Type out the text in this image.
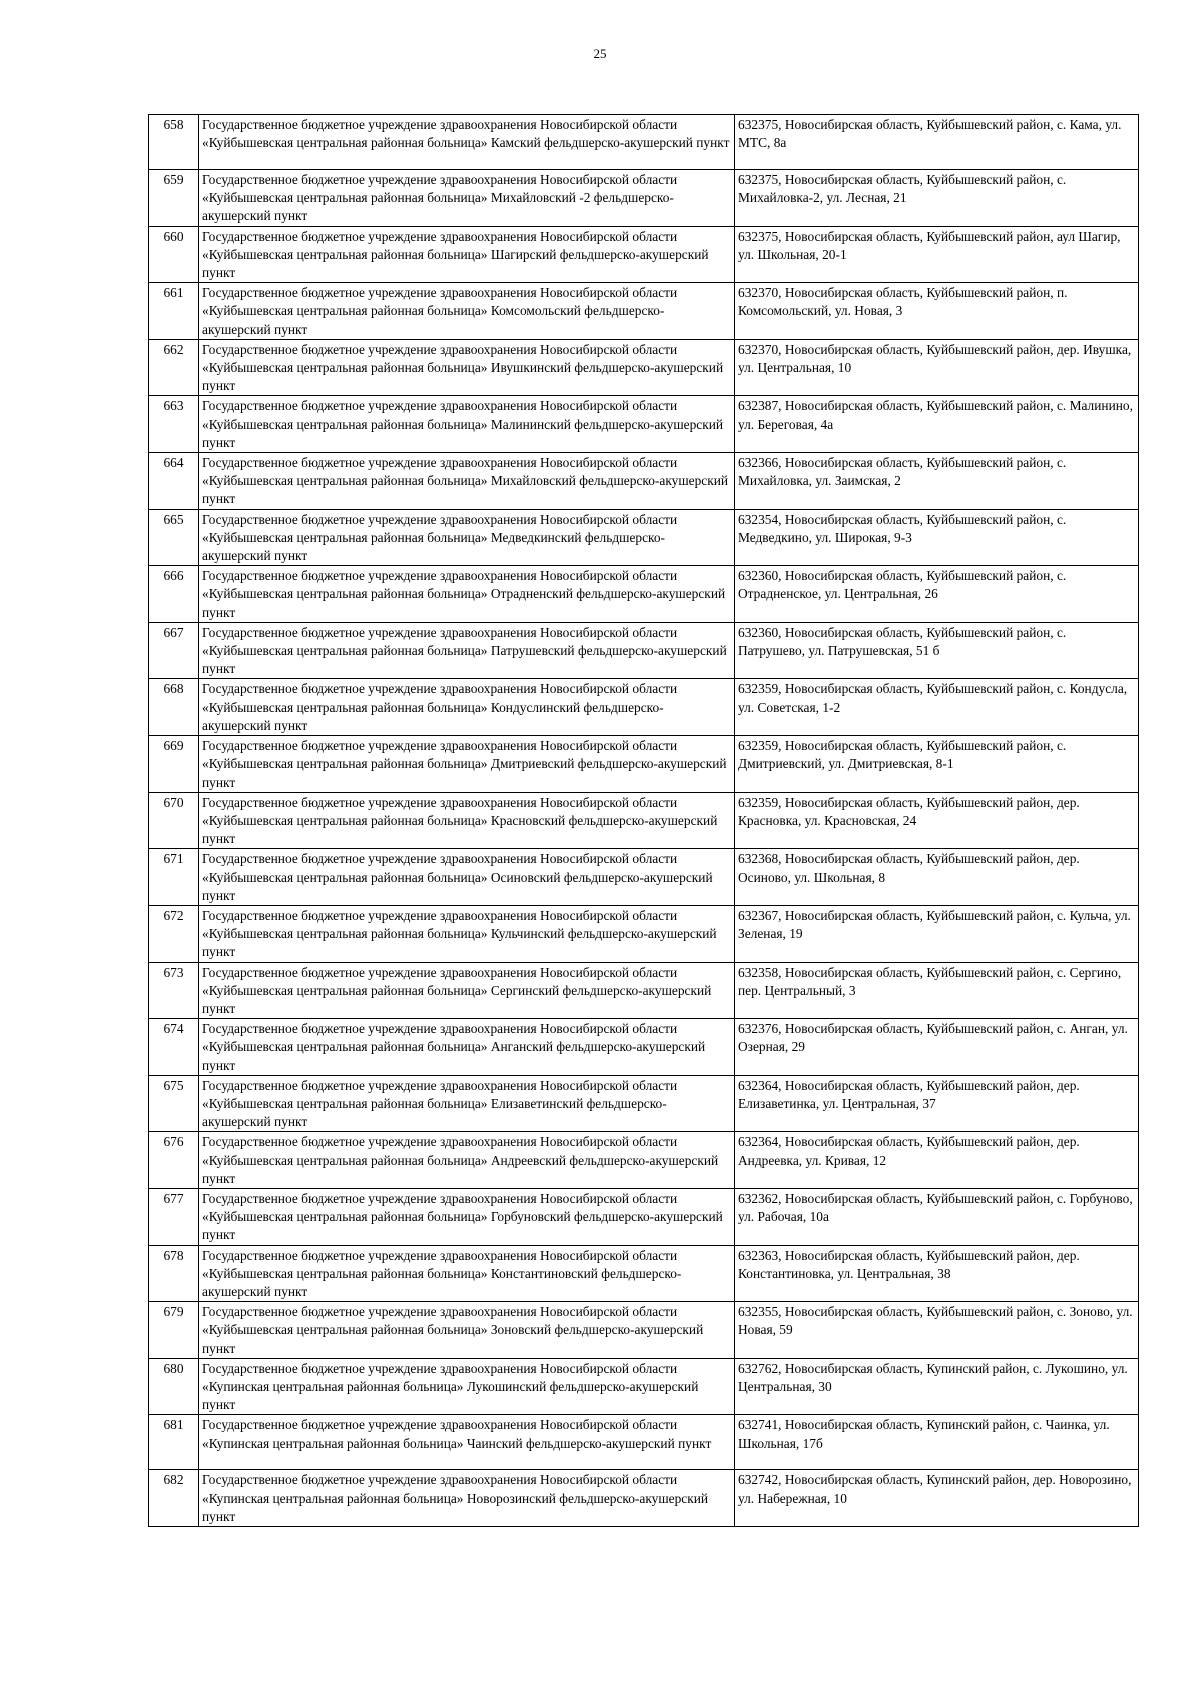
25
658	Государственное бюджетное учреждение здравоохранения Новосибирской области «Куйбышевская центральная районная больница» Камский фельдшерско-акушерский пункт	632375, Новосибирская область, Куйбышевский район, с. Кама, ул. МТС, 8а
659	Государственное бюджетное учреждение здравоохранения Новосибирской области «Куйбышевская центральная районная больница» Михайловский -2 фельдшерско-акушерский пункт	632375, Новосибирская область, Куйбышевский район, с. Михайловка-2, ул. Лесная, 21
660	Государственное бюджетное учреждение здравоохранения Новосибирской области «Куйбышевская центральная районная больница» Шагирский фельдшерско-акушерский пункт	632375, Новосибирская область, Куйбышевский район, аул Шагир, ул. Школьная, 20-1
661	Государственное бюджетное учреждение здравоохранения Новосибирской области «Куйбышевская центральная районная больница» Комсомольский фельдшерско-акушерский пункт	632370, Новосибирская область, Куйбышевский район, п. Комсомольский, ул. Новая, 3
662	Государственное бюджетное учреждение здравоохранения Новосибирской области «Куйбышевская центральная районная больница» Ивушкинский фельдшерско-акушерский пункт	632370, Новосибирская область, Куйбышевский район, дер. Ивушка, ул. Центральная, 10
663	Государственное бюджетное учреждение здравоохранения Новосибирской области «Куйбышевская центральная районная больница» Малининский фельдшерско-акушерский пункт	632387, Новосибирская область, Куйбышевский район, с. Малинино, ул. Береговая, 4а
664	Государственное бюджетное учреждение здравоохранения Новосибирской области «Куйбышевская центральная районная больница» Михайловский фельдшерско-акушерский пункт	632366, Новосибирская область, Куйбышевский район, с. Михайловка, ул. Заимская, 2
665	Государственное бюджетное учреждение здравоохранения Новосибирской области «Куйбышевская центральная районная больница» Медведкинский фельдшерско-акушерский пункт	632354, Новосибирская область, Куйбышевский район, с. Медведкино, ул. Широкая, 9-3
666	Государственное бюджетное учреждение здравоохранения Новосибирской области «Куйбышевская центральная районная больница» Отрадненский фельдшерско-акушерский пункт	632360, Новосибирская область, Куйбышевский район, с. Отрадненское, ул. Центральная, 26
667	Государственное бюджетное учреждение здравоохранения Новосибирской области «Куйбышевская центральная районная больница» Патрушевский фельдшерско-акушерский пункт	632360, Новосибирская область, Куйбышевский район, с. Патрушево, ул. Патрушевская, 51 б
668	Государственное бюджетное учреждение здравоохранения Новосибирской области «Куйбышевская центральная районная больница» Кондуслинский фельдшерско-акушерский пункт	632359, Новосибирская область, Куйбышевский район, с. Кондусла, ул. Советская, 1-2
669	Государственное бюджетное учреждение здравоохранения Новосибирской области «Куйбышевская центральная районная больница» Дмитриевский фельдшерско-акушерский пункт	632359, Новосибирская область, Куйбышевский район, с. Дмитриевский, ул. Дмитриевская, 8-1
670	Государственное бюджетное учреждение здравоохранения Новосибирской области «Куйбышевская центральная районная больница» Красновский фельдшерско-акушерский пункт	632359, Новосибирская область, Куйбышевский район, дер. Красновка, ул. Красновская, 24
671	Государственное бюджетное учреждение здравоохранения Новосибирской области «Куйбышевская центральная районная больница» Осиновский фельдшерско-акушерский пункт	632368, Новосибирская область, Куйбышевский район, дер. Осиново, ул. Школьная, 8
672	Государственное бюджетное учреждение здравоохранения Новосибирской области «Куйбышевская центральная районная больница» Кульчинский фельдшерско-акушерский пункт	632367, Новосибирская область, Куйбышевский район, с. Кульча, ул. Зеленая, 19
673	Государственное бюджетное учреждение здравоохранения Новосибирской области «Куйбышевская центральная районная больница» Сергинский фельдшерско-акушерский пункт	632358, Новосибирская область, Куйбышевский район, с. Сергино, пер. Центральный, 3
674	Государственное бюджетное учреждение здравоохранения Новосибирской области «Куйбышевская центральная районная больница» Анганский фельдшерско-акушерский пункт	632376, Новосибирская область, Куйбышевский район, с. Анган, ул. Озерная, 29
675	Государственное бюджетное учреждение здравоохранения Новосибирской области «Куйбышевская центральная районная больница» Елизаветинский фельдшерско-акушерский пункт	632364, Новосибирская область, Куйбышевский район, дер. Елизаветинка, ул. Центральная, 37
676	Государственное бюджетное учреждение здравоохранения Новосибирской области «Куйбышевская центральная районная больница» Андреевский фельдшерско-акушерский пункт	632364, Новосибирская область, Куйбышевский район, дер. Андреевка, ул. Кривая, 12
677	Государственное бюджетное учреждение здравоохранения Новосибирской области «Куйбышевская центральная районная больница» Горбуновский фельдшерско-акушерский пункт	632362, Новосибирская область, Куйбышевский район, с. Горбуново, ул. Рабочая, 10а
678	Государственное бюджетное учреждение здравоохранения Новосибирской области «Куйбышевская центральная районная больница» Константиновский фельдшерско-акушерский пункт	632363, Новосибирская область, Куйбышевский район, дер. Константиновка, ул. Центральная, 38
679	Государственное бюджетное учреждение здравоохранения Новосибирской области «Куйбышевская центральная районная больница» Зоновский фельдшерско-акушерский пункт	632355, Новосибирская область, Куйбышевский район, с. Зоново, ул. Новая, 59
680	Государственное бюджетное учреждение здравоохранения Новосибирской области «Купинская центральная районная больница» Лукошинский фельдшерско-акушерский пункт	632762, Новосибирская область, Купинский район, с. Лукошино, ул. Центральная, 30
681	Государственное бюджетное учреждение здравоохранения Новосибирской области «Купинская центральная районная больница» Чаинский фельдшерско-акушерский пункт	632741, Новосибирская область, Купинский район, с. Чаинка, ул. Школьная, 17б
682	Государственное бюджетное учреждение здравоохранения Новосибирской области «Купинская центральная районная больница» Новорозинский фельдшерско-акушерский пункт	632742, Новосибирская область, Купинский район, дер. Новорозино, ул. Набережная, 10
